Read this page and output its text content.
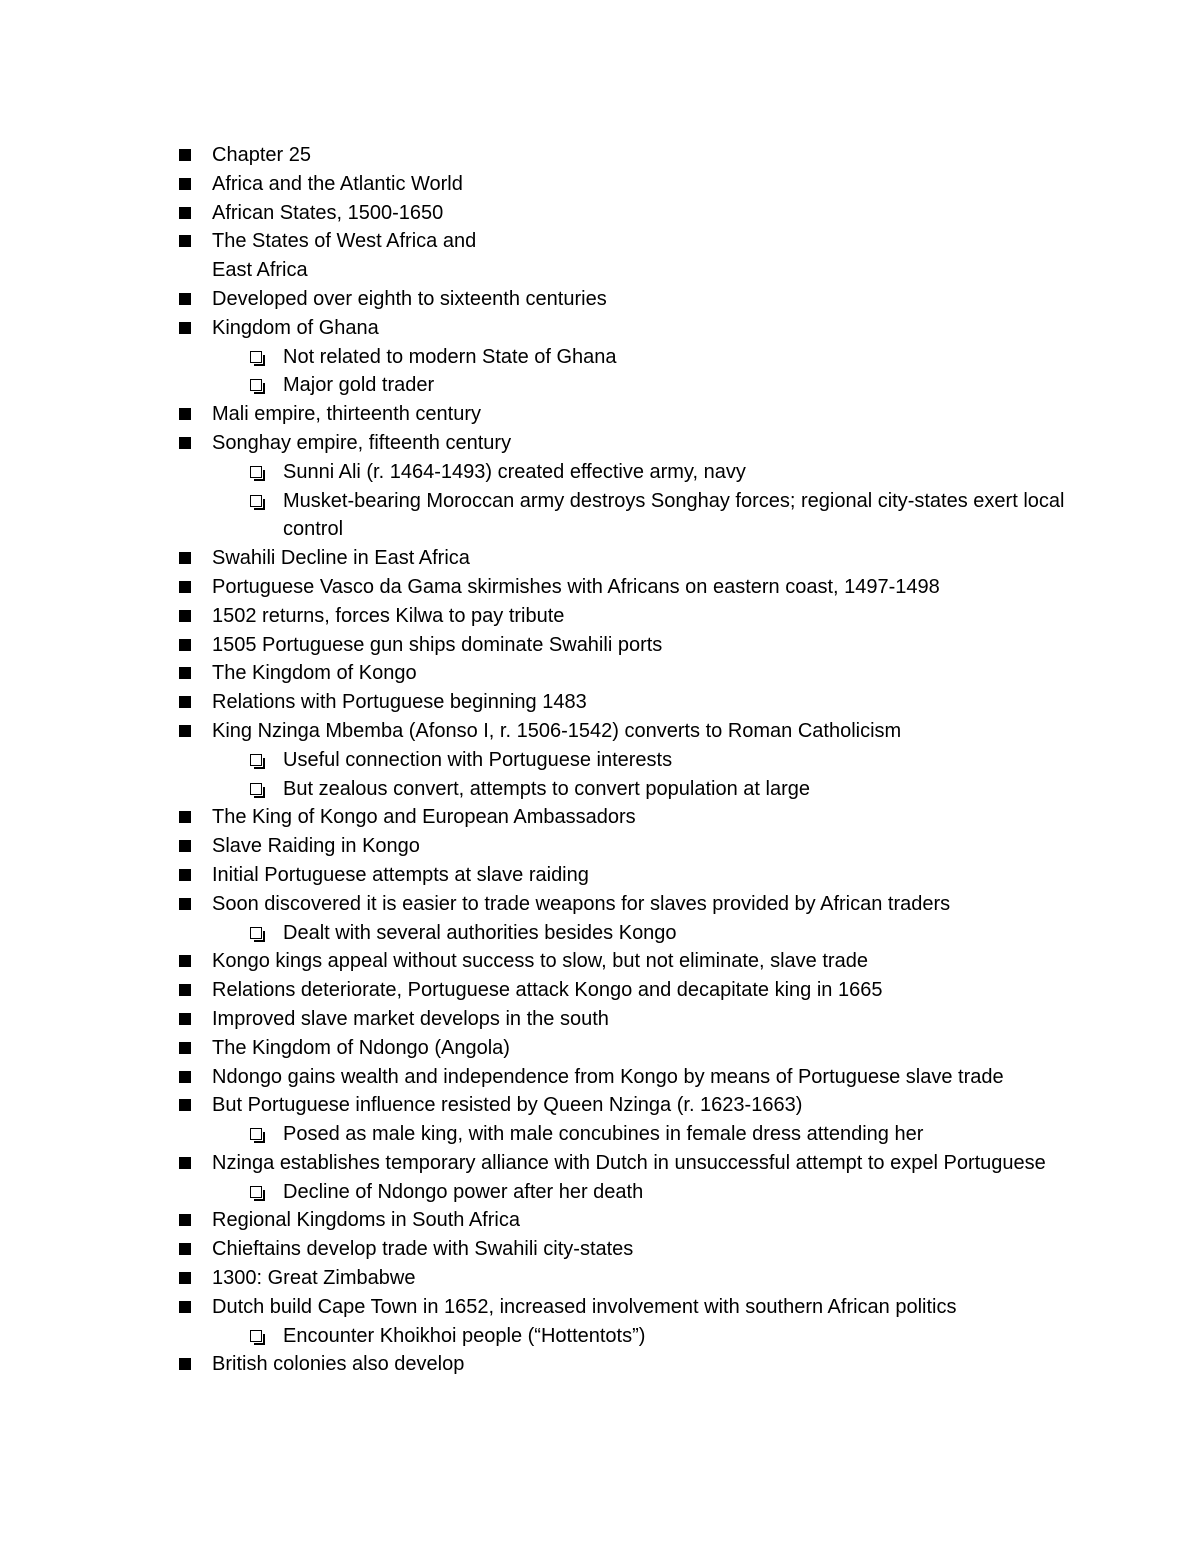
Chapter 25
Africa and the Atlantic World
African States, 1500-1650
The States of West Africa and East Africa
Developed over eighth to sixteenth centuries
Kingdom of Ghana
Not related to modern State of Ghana
Major gold trader
Mali empire, thirteenth century
Songhay empire, fifteenth century
Sunni Ali (r. 1464-1493) created effective army, navy
Musket-bearing Moroccan army destroys Songhay forces; regional city-states exert local control
Swahili Decline in East Africa
Portuguese Vasco da Gama skirmishes with Africans on eastern coast, 1497-1498
1502 returns, forces Kilwa to pay tribute
1505 Portuguese gun ships dominate Swahili ports
The Kingdom of Kongo
Relations with Portuguese beginning 1483
King Nzinga Mbemba (Afonso I, r. 1506-1542) converts to Roman Catholicism
Useful connection with Portuguese interests
But zealous convert, attempts to convert population at large
The King of Kongo and European Ambassadors
Slave Raiding in Kongo
Initial Portuguese attempts at slave raiding
Soon discovered it is easier to trade weapons for slaves provided by African traders
Dealt with several authorities besides Kongo
Kongo kings appeal without success to slow, but not eliminate, slave trade
Relations deteriorate, Portuguese attack Kongo and decapitate king in 1665
Improved slave market develops in the south
The Kingdom of Ndongo (Angola)
Ndongo gains wealth and independence from Kongo by means of Portuguese slave trade
But Portuguese influence resisted by Queen Nzinga (r. 1623-1663)
Posed as male king, with male concubines in female dress attending her
Nzinga establishes temporary alliance with Dutch in unsuccessful attempt to expel Portuguese
Decline of Ndongo power after her death
Regional Kingdoms in South Africa
Chieftains develop trade with Swahili city-states
1300: Great Zimbabwe
Dutch build Cape Town in 1652, increased involvement with southern African politics
Encounter Khoikhoi people (“Hottentots”)
British colonies also develop
